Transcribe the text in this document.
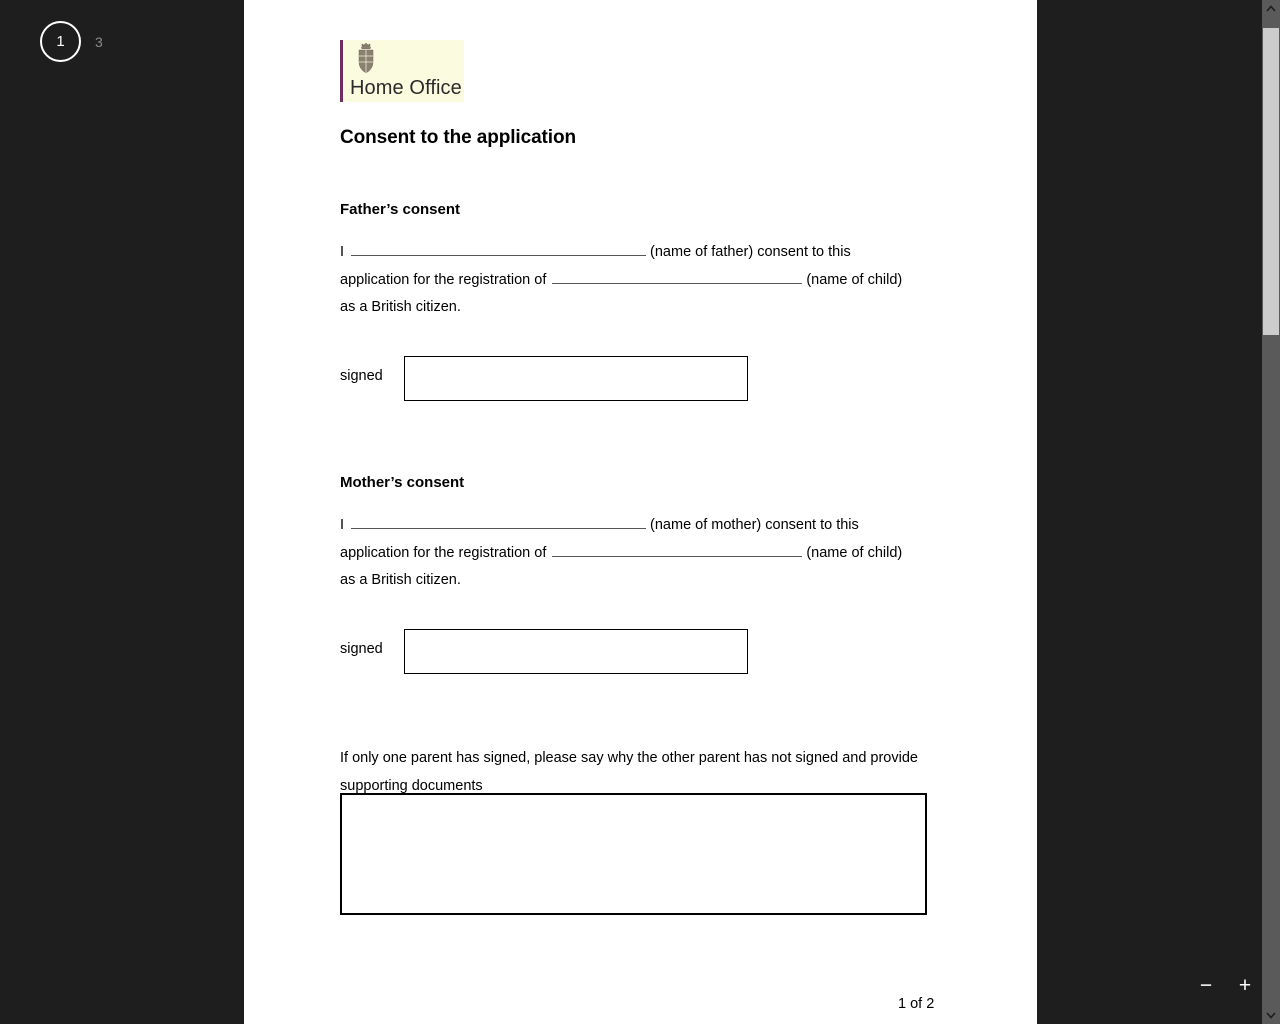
1	3
Home Office
Consent to the application
Father’s consent
I	(name of father) consent to this
application for the registration of	(name of child)
as a British citizen.
signed
Mother’s consent
I	(name of mother) consent to this
application for the registration of	(name of child)
as a British citizen.
signed
If only one parent has signed, please say why the other parent has not signed and provide supporting documents
1 of 2
− +
